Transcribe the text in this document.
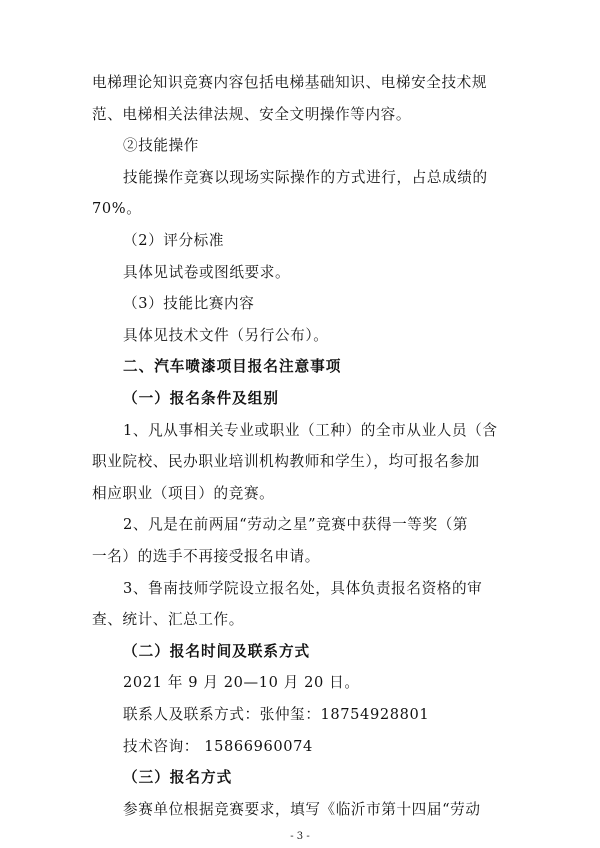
电梯理论知识竞赛内容包括电梯基础知识、电梯安全技术规
范、电梯相关法律法规、安全文明操作等内容。
②技能操作
技能操作竞赛以现场实际操作的方式进行，占总成绩的
70%。
（2）评分标准
具体见试卷或图纸要求。
（3）技能比赛内容
具体见技术文件（另行公布）。
二、汽车喷漆项目报名注意事项
（一）报名条件及组别
1、凡从事相关专业或职业（工种）的全市从业人员（含
职业院校、民办职业培训机构教师和学生），均可报名参加
相应职业（项目）的竞赛。
2、凡是在前两届“劳动之星”竞赛中获得一等奖（第
一名）的选手不再接受报名申请。
3、鲁南技师学院设立报名处，具体负责报名资格的审
查、统计、汇总工作。
（二）报名时间及联系方式
2021 年 9 月 20—10 月 20 日。
联系人及联系方式：张仲玺：18754928801
技术咨询： 15866960074
（三）报名方式
参赛单位根据竞赛要求，填写《临沂市第十四届“劳动
- 3 -
